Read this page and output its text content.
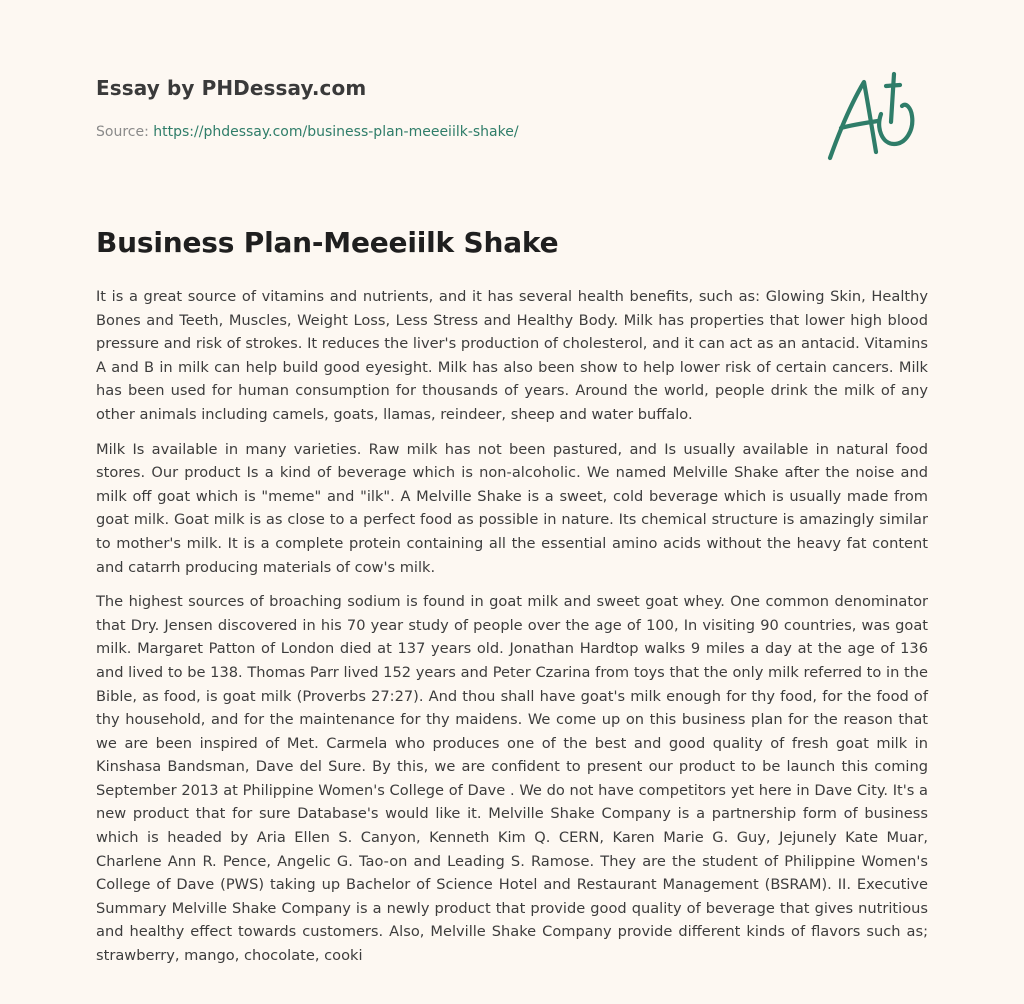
Essay by PHDessay.com
Source: https://phdessay.com/business-plan-meeeiilk-shake/
Business Plan-Meeeiilk Shake

It is a great source of vitamins and nutrients, and it has several health benefits, such as: Glowing Skin, Healthy Bones and Teeth, Muscles, Weight Loss, Less Stress and Healthy Body. Milk has properties that lower high blood pressure and risk of strokes. It reduces the liver's production of cholesterol, and it can act as an antacid. Vitamins A and B in milk can help build good eyesight. Milk has also been show to help lower risk of certain cancers. Milk has been used for human consumption for thousands of years. Around the world, people drink the milk of any other animals including camels, goats, llamas, reindeer, sheep and water buffalo.

Milk Is available in many varieties. Raw milk has not been pastured, and Is usually available in natural food stores. Our product Is a kind of beverage which is non-alcoholic. We named Melville Shake after the noise and milk off goat which is "meme" and "ilk". A Melville Shake is a sweet, cold beverage which is usually made from goat milk. Goat milk is as close to a perfect food as possible in nature. Its chemical structure is amazingly similar to mother's milk. It is a complete protein containing all the essential amino acids without the heavy fat content and catarrh producing materials of cow's milk.

The highest sources of broaching sodium is found in goat milk and sweet goat whey. One common denominator that Dry. Jensen discovered in his 70 year study of people over the age of 100, In visiting 90 countries, was goat milk. Margaret Patton of London died at 137 years old. Jonathan Hardtop walks 9 miles a day at the age of 136 and lived to be 138. Thomas Parr lived 152 years and Peter Czarina from toys that the only milk referred to in the Bible, as food, is goat milk (Proverbs 27:27). And thou shall have goat's milk enough for thy food, for the food of thy household, and for the maintenance for thy maidens. We come up on this business plan for the reason that we are been inspired of Met. Carmela who produces one of the best and good quality of fresh goat milk in Kinshasa Bandsman, Dave del Sure. By this, we are confident to present our product to be launch this coming September 2013 at Philippine Women's College of Dave . We do not have competitors yet here in Dave City. It's a new product that for sure Database's would like it. Melville Shake Company is a partnership form of business which is headed by Aria Ellen S. Canyon, Kenneth Kim Q. CERN, Karen Marie G. Guy, Jejunely Kate Muar, Charlene Ann R. Pence, Angelic G. Tao-on and Leading S. Ramose. They are the student of Philippine Women's College of Dave (PWS) taking up Bachelor of Science Hotel and Restaurant Management (BSRAM). II. Executive Summary Melville Shake Company is a newly product that provide good quality of beverage that gives nutritious and healthy effect towards customers. Also, Melville Shake Company provide different kinds of flavors such as; strawberry, mango, chocolate, cooki
